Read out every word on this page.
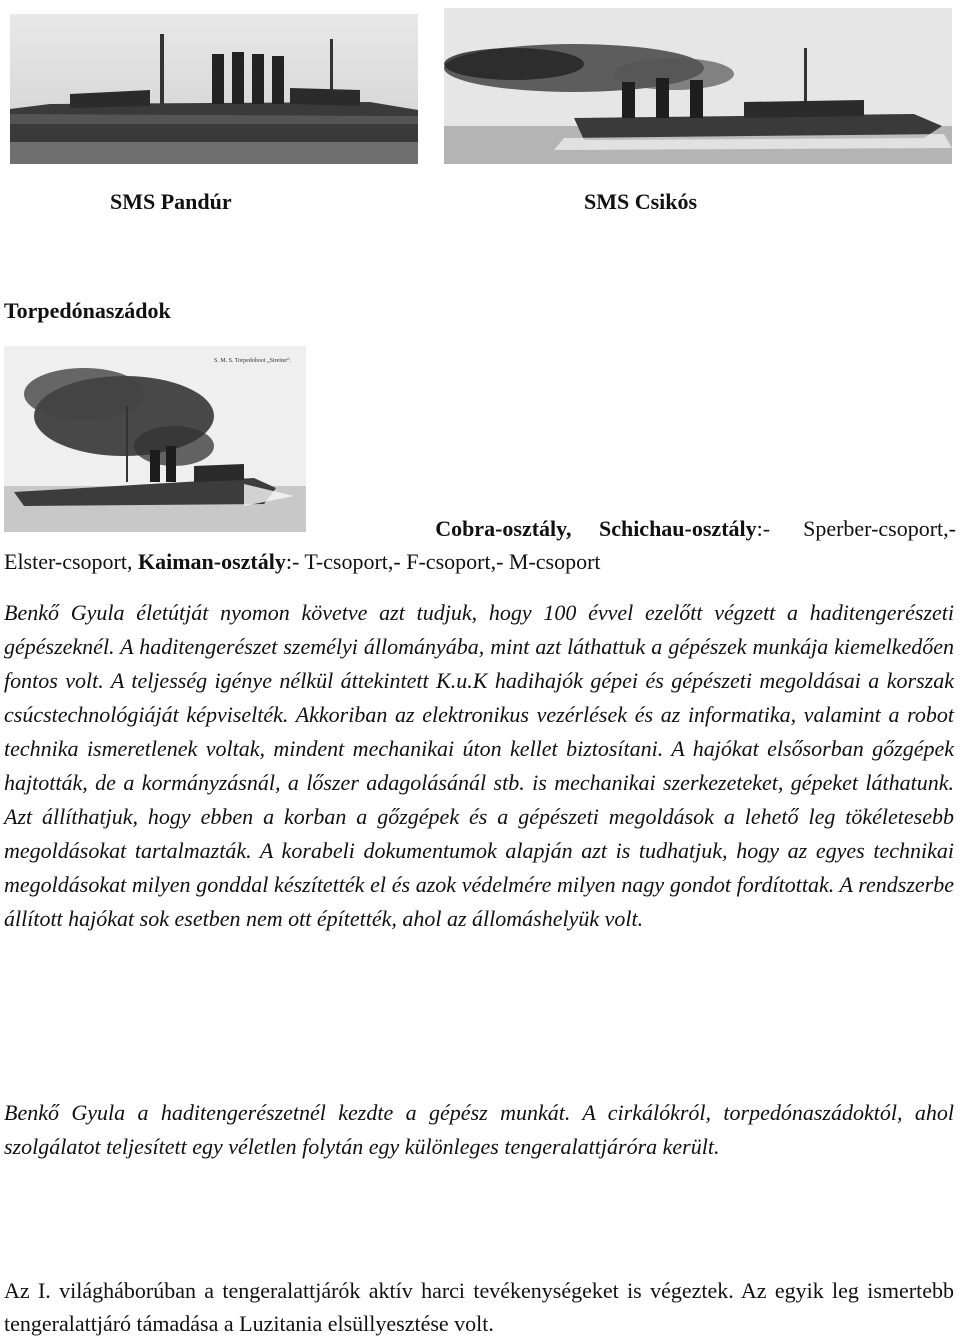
SMS Pandúr	SMS Csikós
Torpedónaszádok
S. M. S. Torpedoboot „Streiter“.
Cobra-osztály, Schichau-osztály:- Sperber-csoport,-
Elster-csoport, Kaiman-osztály:- T-csoport,- F-csoport,- M-csoport

Benkő Gyula életútját nyomon követve azt tudjuk, hogy 100 évvel ezelőtt végzett a haditengerészeti gépészeknél. A haditengerészet személyi állományába, mint azt láthattuk a gépészek munkája kiemelkedően fontos volt. A teljesség igénye nélkül áttekintett K.u.K hadihajók gépei és gépészeti megoldásai a korszak csúcstechnológiáját képviselték. Akkoriban az elektronikus vezérlések és az informatika, valamint a robot technika ismeretlenek voltak, mindent mechanikai úton kellet biztosítani. A hajókat elsősorban gőzgépek hajtották, de a kormányzásnál, a lőszer adagolásánál stb. is mechanikai szerkezeteket, gépeket láthatunk. Azt állíthatjuk, hogy ebben a korban a gőzgépek és a gépészeti megoldások a lehető leg tökéletesebb megoldásokat tartalmazták. A korabeli dokumentumok alapján azt is tudhatjuk, hogy az egyes technikai megoldásokat milyen gonddal készítették el és azok védelmére milyen nagy gondot fordítottak. A rendszerbe állított hajókat sok esetben nem ott építették, ahol az állomáshelyük volt.

Benkő Gyula a haditengerészetnél kezdte a gépész munkát. A cirkálókról, torpedónaszádoktól, ahol szolgálatot teljesített egy véletlen folytán egy különleges tengeralattjáróra került.

Az I. világháborúban a tengeralattjárók aktív harci tevékenységeket is végeztek. Az egyik leg ismertebb tengeralattjáró támadása a Luzitania elsüllyesztése volt.
